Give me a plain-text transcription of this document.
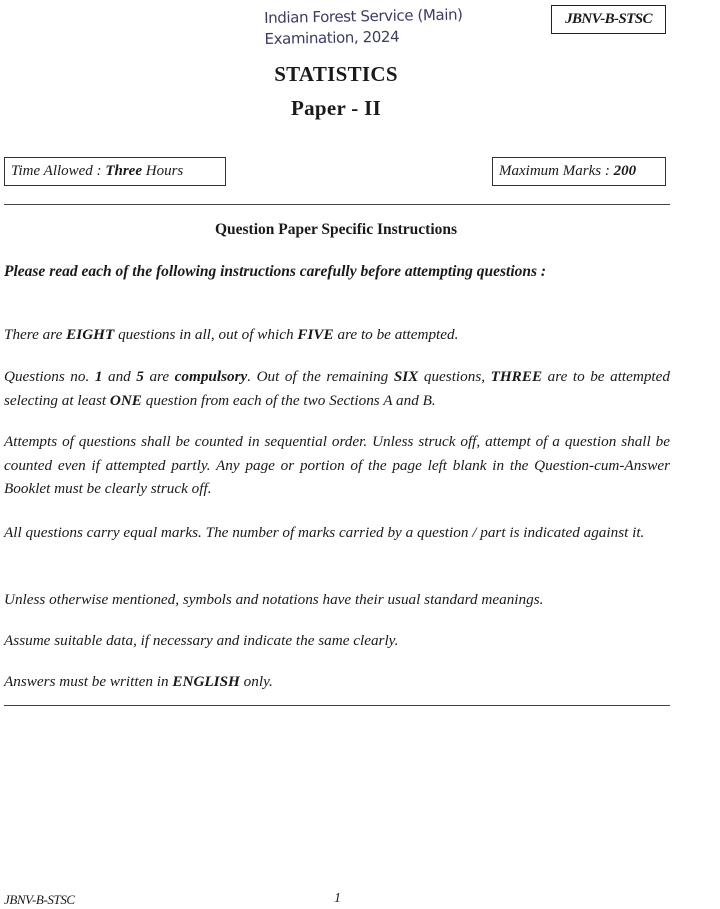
Indian Forest Service (Main)
Examination, 2024
JBNV-B-STSC
STATISTICS
Paper - II
Time Allowed : Three Hours	Maximum Marks : 200
Question Paper Specific Instructions
Please read each of the following instructions carefully before attempting questions :
There are EIGHT questions in all, out of which FIVE are to be attempted.
Questions no. 1 and 5 are compulsory. Out of the remaining SIX questions, THREE are to be attempted selecting at least ONE question from each of the two Sections A and B.
Attempts of questions shall be counted in sequential order. Unless struck off, attempt of a question shall be counted even if attempted partly. Any page or portion of the page left blank in the Question-cum-Answer Booklet must be clearly struck off.
All questions carry equal marks. The number of marks carried by a question / part is indicated against it.
Unless otherwise mentioned, symbols and notations have their usual standard meanings.
Assume suitable data, if necessary and indicate the same clearly.
Answers must be written in ENGLISH only.
JBNV-B-STSC	1
